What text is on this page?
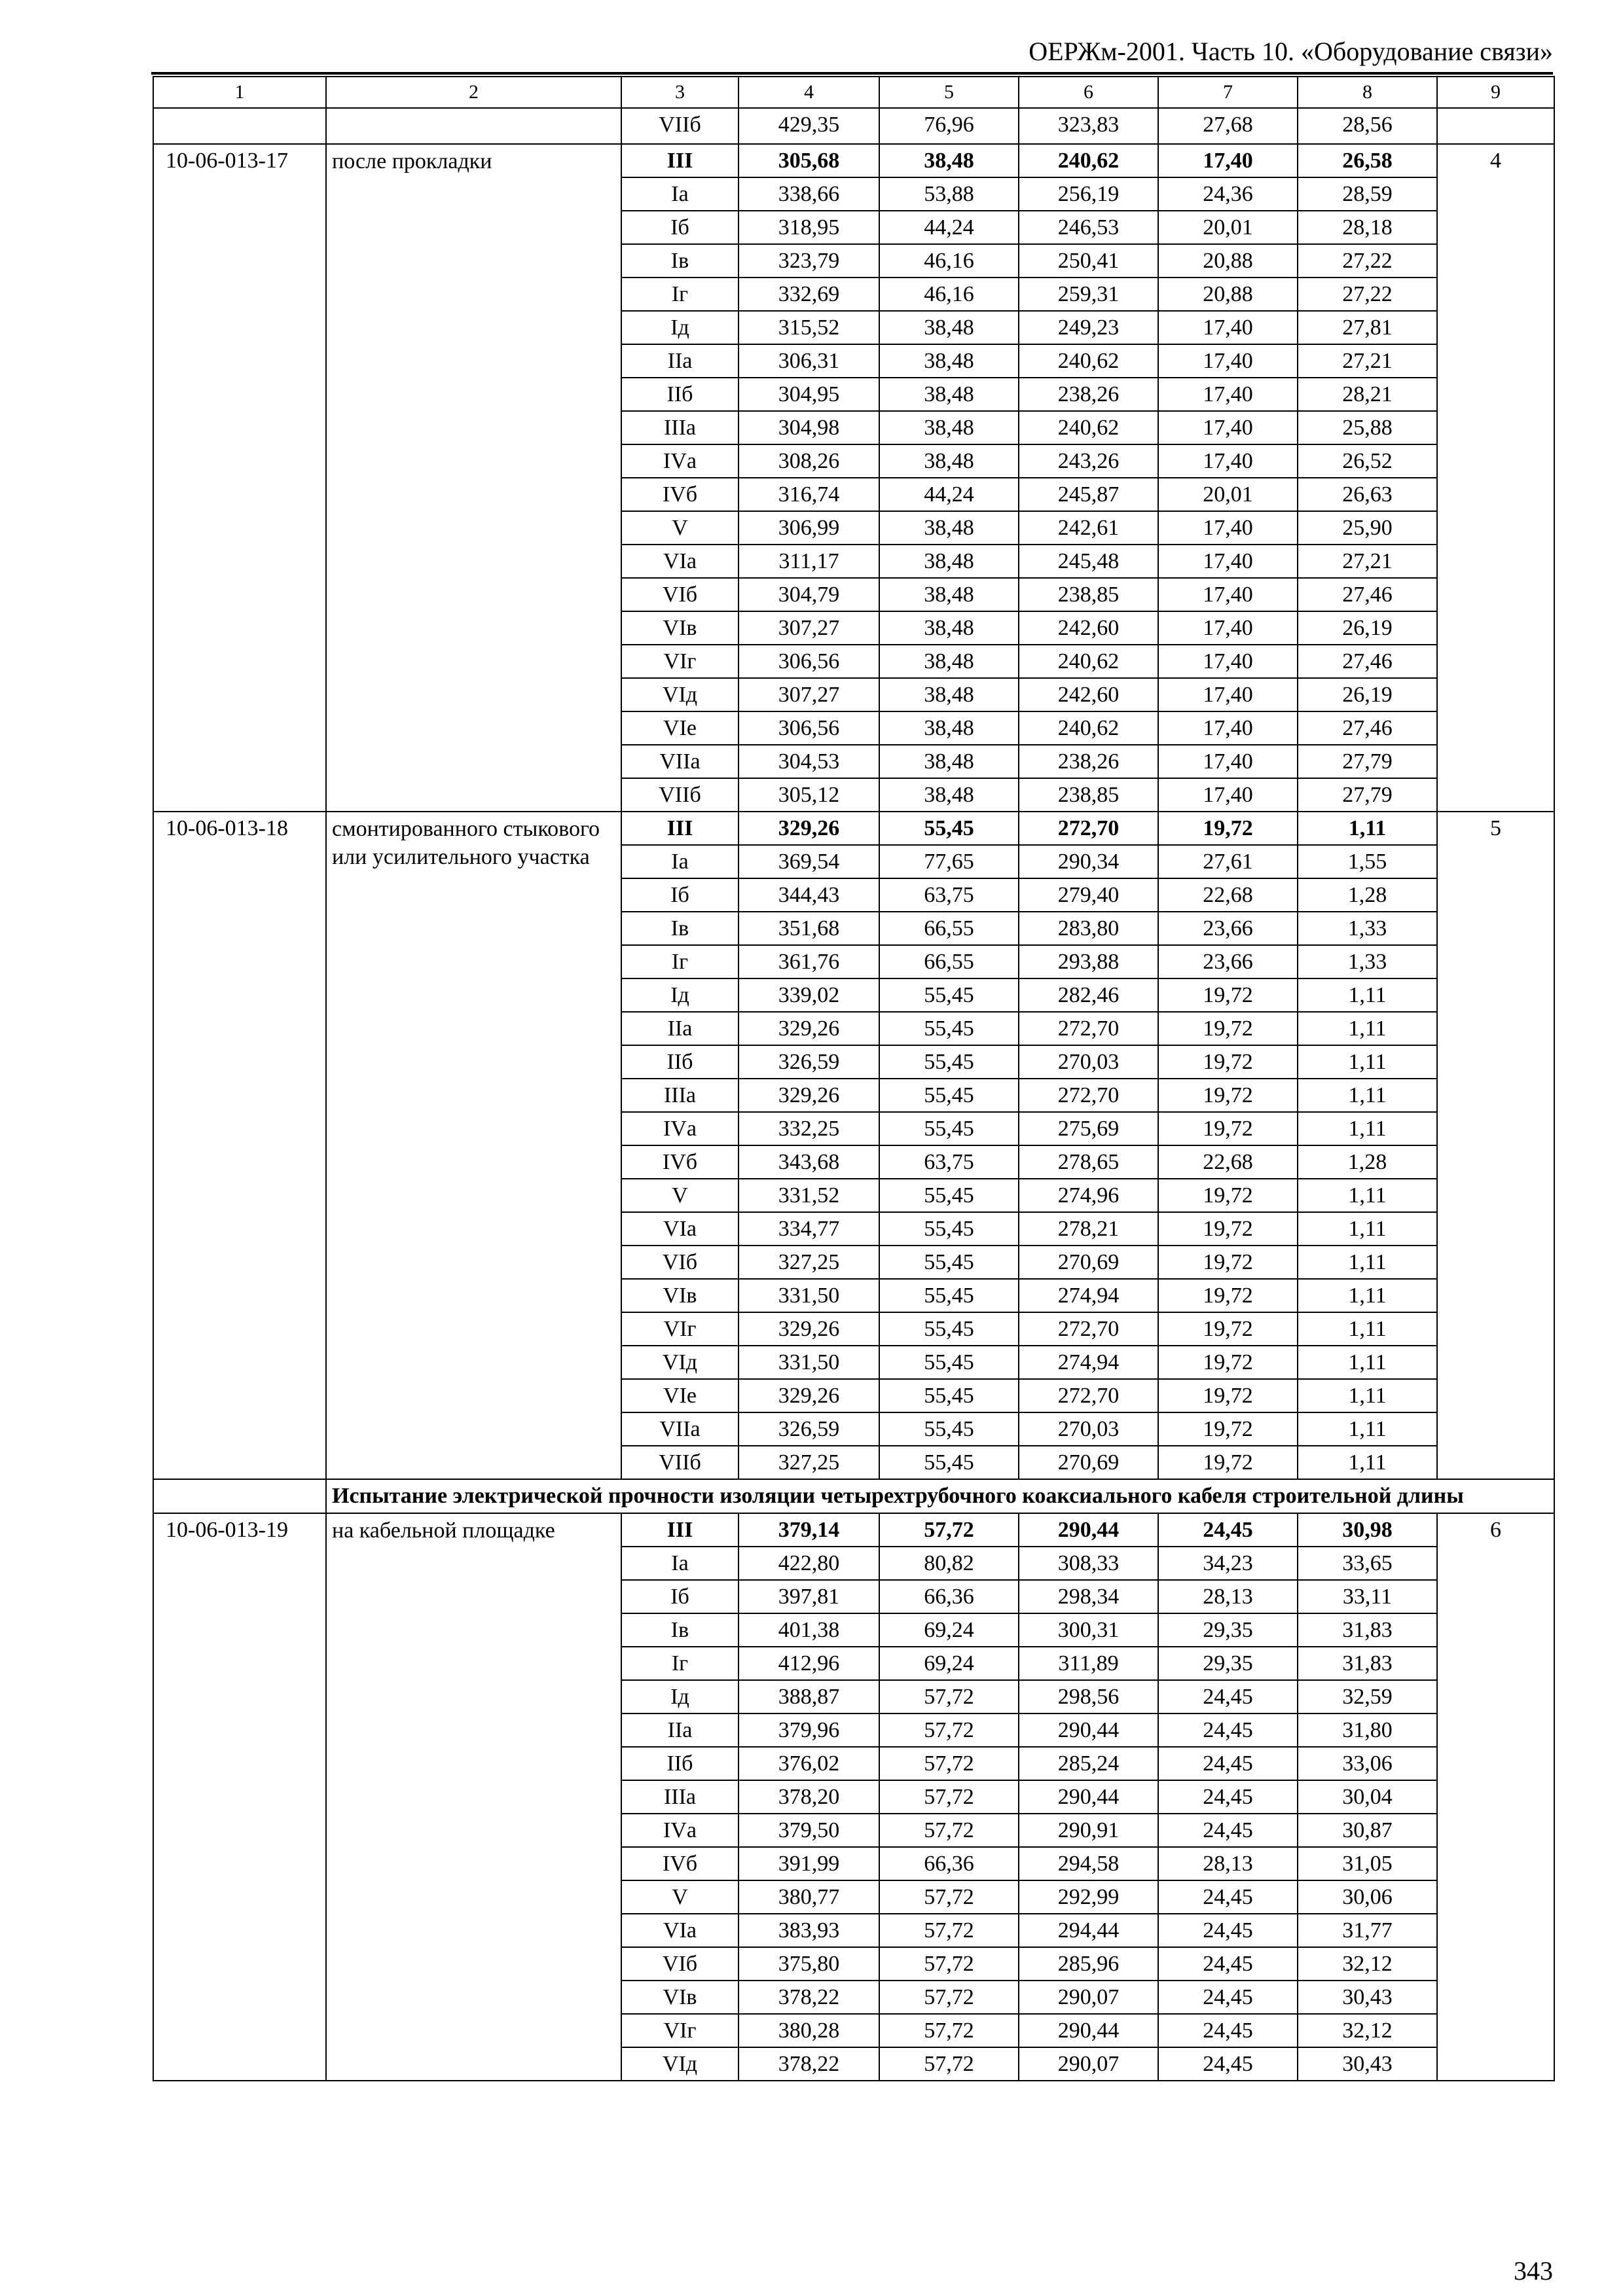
ОЕРЖм-2001. Часть 10. «Оборудование связи»
1	2	3	4	5	6	7	8	9
		VIIб	429,35	76,96	323,83	27,68	28,56	
10-06-013-17	после прокладки	III	305,68	38,48	240,62	17,40	26,58	4
		Iа	338,66	53,88	256,19	24,36	28,59	
		Iб	318,95	44,24	246,53	20,01	28,18	
		Iв	323,79	46,16	250,41	20,88	27,22	
		Iг	332,69	46,16	259,31	20,88	27,22	
		Iд	315,52	38,48	249,23	17,40	27,81	
		IIа	306,31	38,48	240,62	17,40	27,21	
		IIб	304,95	38,48	238,26	17,40	28,21	
		IIIа	304,98	38,48	240,62	17,40	25,88	
		IVа	308,26	38,48	243,26	17,40	26,52	
		IVб	316,74	44,24	245,87	20,01	26,63	
		V	306,99	38,48	242,61	17,40	25,90	
		VIа	311,17	38,48	245,48	17,40	27,21	
		VIб	304,79	38,48	238,85	17,40	27,46	
		VIв	307,27	38,48	242,60	17,40	26,19	
		VIг	306,56	38,48	240,62	17,40	27,46	
		VIд	307,27	38,48	242,60	17,40	26,19	
		VIе	306,56	38,48	240,62	17,40	27,46	
		VIIа	304,53	38,48	238,26	17,40	27,79	
		VIIб	305,12	38,48	238,85	17,40	27,79	
10-06-013-18	смонтированного стыкового или усилительного участка	III	329,26	55,45	272,70	19,72	1,11	5
		Iа	369,54	77,65	290,34	27,61	1,55	
		Iб	344,43	63,75	279,40	22,68	1,28	
		Iв	351,68	66,55	283,80	23,66	1,33	
		Iг	361,76	66,55	293,88	23,66	1,33	
		Iд	339,02	55,45	282,46	19,72	1,11	
		IIа	329,26	55,45	272,70	19,72	1,11	
		IIб	326,59	55,45	270,03	19,72	1,11	
		IIIа	329,26	55,45	272,70	19,72	1,11	
		IVа	332,25	55,45	275,69	19,72	1,11	
		IVб	343,68	63,75	278,65	22,68	1,28	
		V	331,52	55,45	274,96	19,72	1,11	
		VIа	334,77	55,45	278,21	19,72	1,11	
		VIб	327,25	55,45	270,69	19,72	1,11	
		VIв	331,50	55,45	274,94	19,72	1,11	
		VIг	329,26	55,45	272,70	19,72	1,11	
		VIд	331,50	55,45	274,94	19,72	1,11	
		VIе	329,26	55,45	272,70	19,72	1,11	
		VIIа	326,59	55,45	270,03	19,72	1,11	
		VIIб	327,25	55,45	270,69	19,72	1,11	
	Испытание электрической прочности изоляции четырехтрубочного коаксиального кабеля строительной длины							
10-06-013-19	на кабельной площадке	III	379,14	57,72	290,44	24,45	30,98	6
		Iа	422,80	80,82	308,33	34,23	33,65	
		Iб	397,81	66,36	298,34	28,13	33,11	
		Iв	401,38	69,24	300,31	29,35	31,83	
		Iг	412,96	69,24	311,89	29,35	31,83	
		Iд	388,87	57,72	298,56	24,45	32,59	
		IIа	379,96	57,72	290,44	24,45	31,80	
		IIб	376,02	57,72	285,24	24,45	33,06	
		IIIа	378,20	57,72	290,44	24,45	30,04	
		IVа	379,50	57,72	290,91	24,45	30,87	
		IVб	391,99	66,36	294,58	28,13	31,05	
		V	380,77	57,72	292,99	24,45	30,06	
		VIа	383,93	57,72	294,44	24,45	31,77	
		VIб	375,80	57,72	285,96	24,45	32,12	
		VIв	378,22	57,72	290,07	24,45	30,43	
		VIг	380,28	57,72	290,44	24,45	32,12	
		VIд	378,22	57,72	290,07	24,45	30,43	
343
